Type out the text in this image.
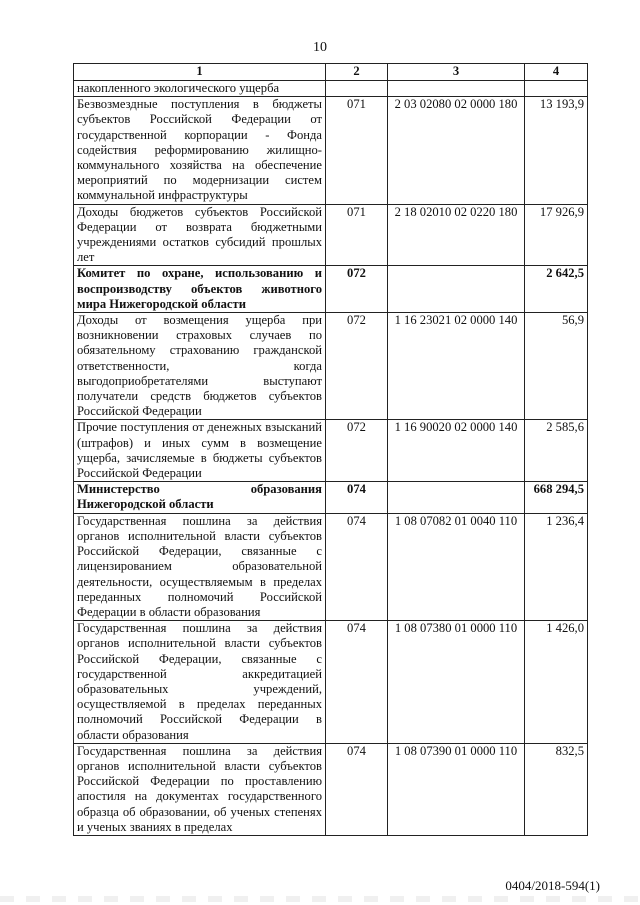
10
1	2	3	4
накопленного экологического ущерба			
Безвозмездные поступления в бюджеты субъектов Российской Федерации от государственной корпорации - Фонда содействия реформированию жилищно-коммунального хозяйства на обеспечение мероприятий по модернизации систем коммунальной инфраструктуры	071	2 03 02080 02 0000 180	13 193,9
Доходы бюджетов субъектов Российской Федерации от возврата бюджетными учреждениями остатков субсидий прошлых лет	071	2 18 02010 02 0220 180	17 926,9
Комитет по охране, использованию и воспроизводству объектов животного мира Нижегородской области	072		2 642,5
Доходы от возмещения ущерба при возникновении страховых случаев по обязательному страхованию гражданской ответственности, когда выгодоприобретателями выступают получатели средств бюджетов субъектов Российской Федерации	072	1 16 23021 02 0000 140	56,9
Прочие поступления от денежных взысканий (штрафов) и иных сумм в возмещение ущерба, зачисляемые в бюджеты субъектов Российской Федерации	072	1 16 90020 02 0000 140	2 585,6
Министерство образования Нижегородской области	074		668 294,5
Государственная пошлина за действия органов исполнительной власти субъектов Российской Федерации, связанные с лицензированием образовательной деятельности, осуществляемым в пределах переданных полномочий Российской Федерации в области образования	074	1 08 07082 01 0040 110	1 236,4
Государственная пошлина за действия органов исполнительной власти субъектов Российской Федерации, связанные с государственной аккредитацией образовательных учреждений, осуществляемой в пределах переданных полномочий Российской Федерации в области образования	074	1 08 07380 01 0000 110	1 426,0
Государственная пошлина за действия органов исполнительной власти субъектов Российской Федерации по проставлению апостиля на документах государственного образца об образовании, об ученых степенях и ученых званиях в пределах	074	1 08 07390 01 0000 110	832,5
0404/2018-594(1)
